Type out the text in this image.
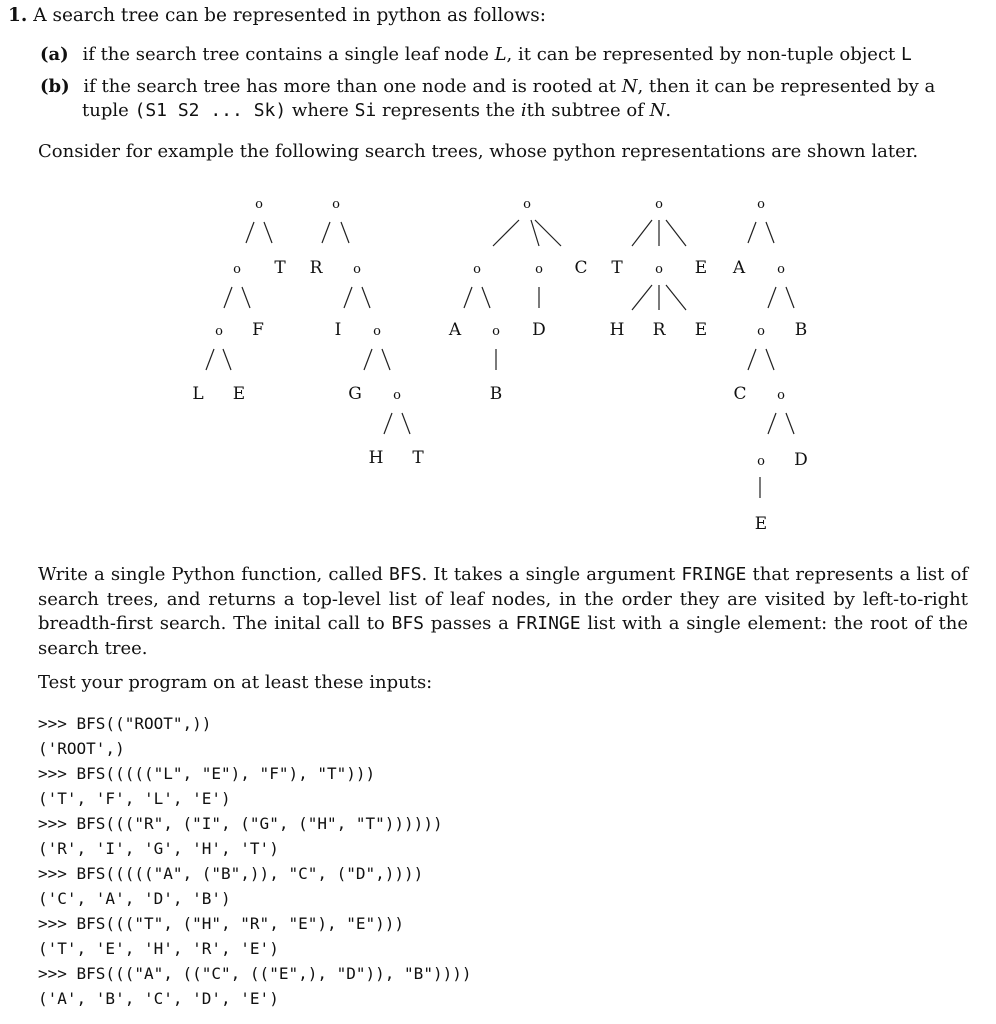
1. A search tree can be represented in python as follows:
(a) if the search tree contains a single leaf node L, it can be represented by non-tuple object L
(b) if the search tree has more than one node and is rooted at N, then it can be represented by a
tuple (S1 S2 ... Sk) where Si represents the ith subtree of N.
Consider for example the following search trees, whose python representations are shown later.
o
o
o
o
o
o
o
o
o	o
o
o
o
o
o
o
o
o
T R
F	I
L E	G
H T
C T	E A
A	D	H R E	B
B	C
D
E
Write a single Python function, called BFS. It takes a single argument FRINGE that represents a list of search trees, and returns a top-level list of leaf nodes, in the order they are visited by left-to-right breadth-first search. The inital call to BFS passes a FRINGE list with a single element: the root of the search tree.
Test your program on at least these inputs:
>>> BFS(("ROOT",))
('ROOT',)
>>> BFS((((("L", "E"), "F"), "T")))
('T', 'F', 'L', 'E')
>>> BFS((("R", ("I", ("G", ("H", "T"))))))
('R', 'I', 'G', 'H', 'T')
>>> BFS((((("A", ("B",)), "C", ("D",))))
('C', 'A', 'D', 'B')
>>> BFS((("T", ("H", "R", "E"), "E")))
('T', 'E', 'H', 'R', 'E')
>>> BFS((("A", (("C", (("E",), "D")), "B"))))
('A', 'B', 'C', 'D', 'E')
